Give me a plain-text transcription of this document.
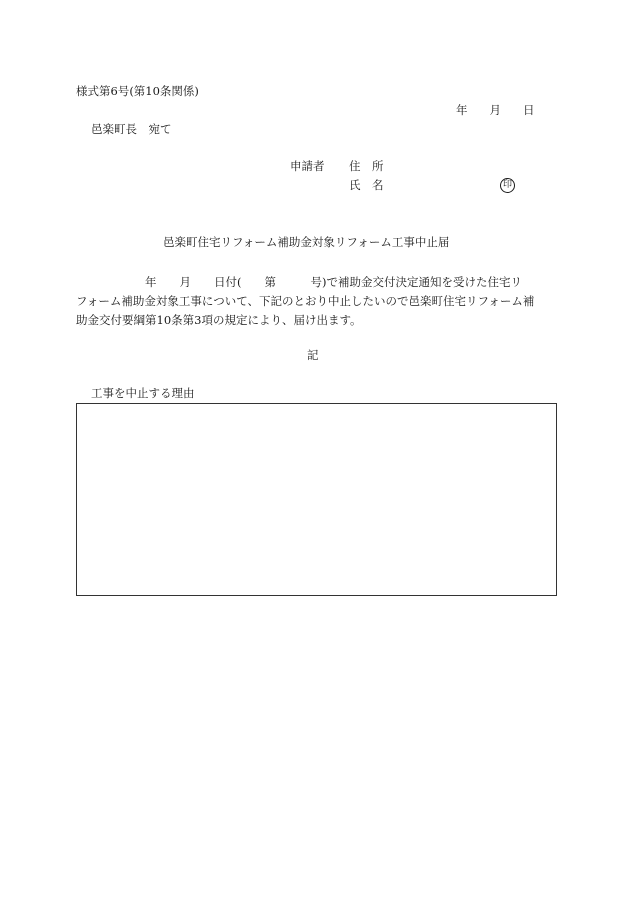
様式第6号(第10条関係)
年 月 日
邑楽町長　宛て
申請者 住　所
氏　名	印
邑楽町住宅リフォーム補助金対象リフォーム工事中止届
　　　　　　年　　月　　日付(　　第　　　号)で補助金交付決定通知を受けた住宅リ
フォーム補助金対象工事について、下記のとおり中止したいので邑楽町住宅リフォーム補
助金交付要綱第10条第3項の規定により、届け出ます。
記
工事を中止する理由
